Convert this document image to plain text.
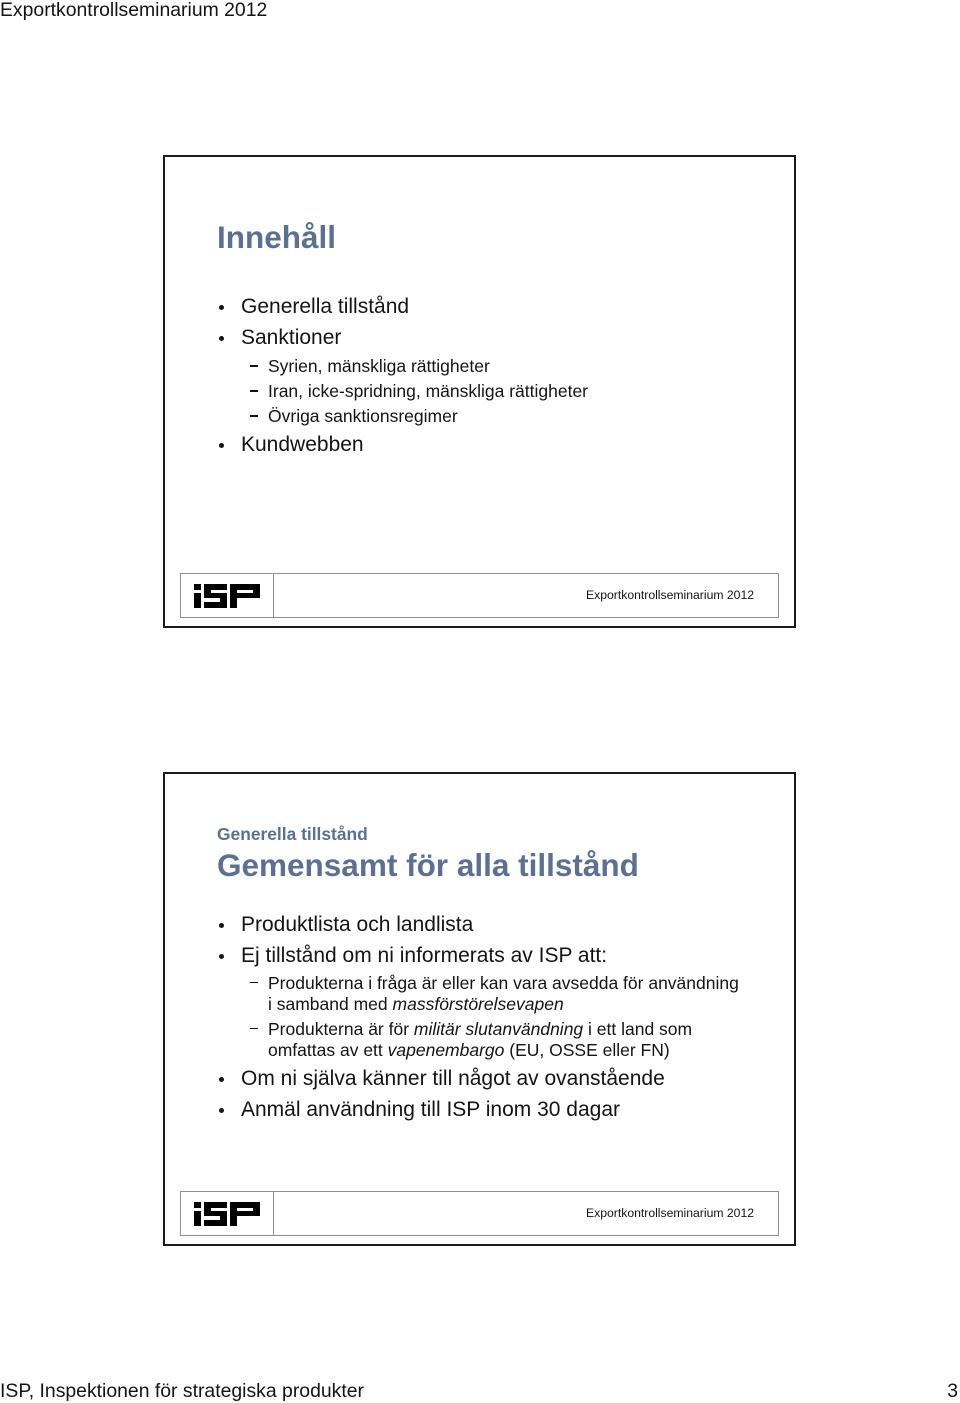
Exportkontrollseminarium 2012
Innehåll
Generella tillstånd
Sanktioner
Syrien, mänskliga rättigheter
Iran, icke-spridning, mänskliga rättigheter
Övriga sanktionsregimer
Kundwebben
Exportkontrollseminarium 2012
Generella tillstånd
Gemensamt för alla tillstånd
Produktlista och landlista
Ej tillstånd om ni informerats av ISP att:
Produkterna i fråga är eller kan vara avsedda för användning
i samband med massförstörelsevapen
Produkterna är för militär slutanvändning i ett land som
omfattas av ett vapenembargo (EU, OSSE eller FN)
Om ni själva känner till något av ovanstående
Anmäl användning till ISP inom 30 dagar
Exportkontrollseminarium 2012
ISP, Inspektionen för strategiska produkter	3
